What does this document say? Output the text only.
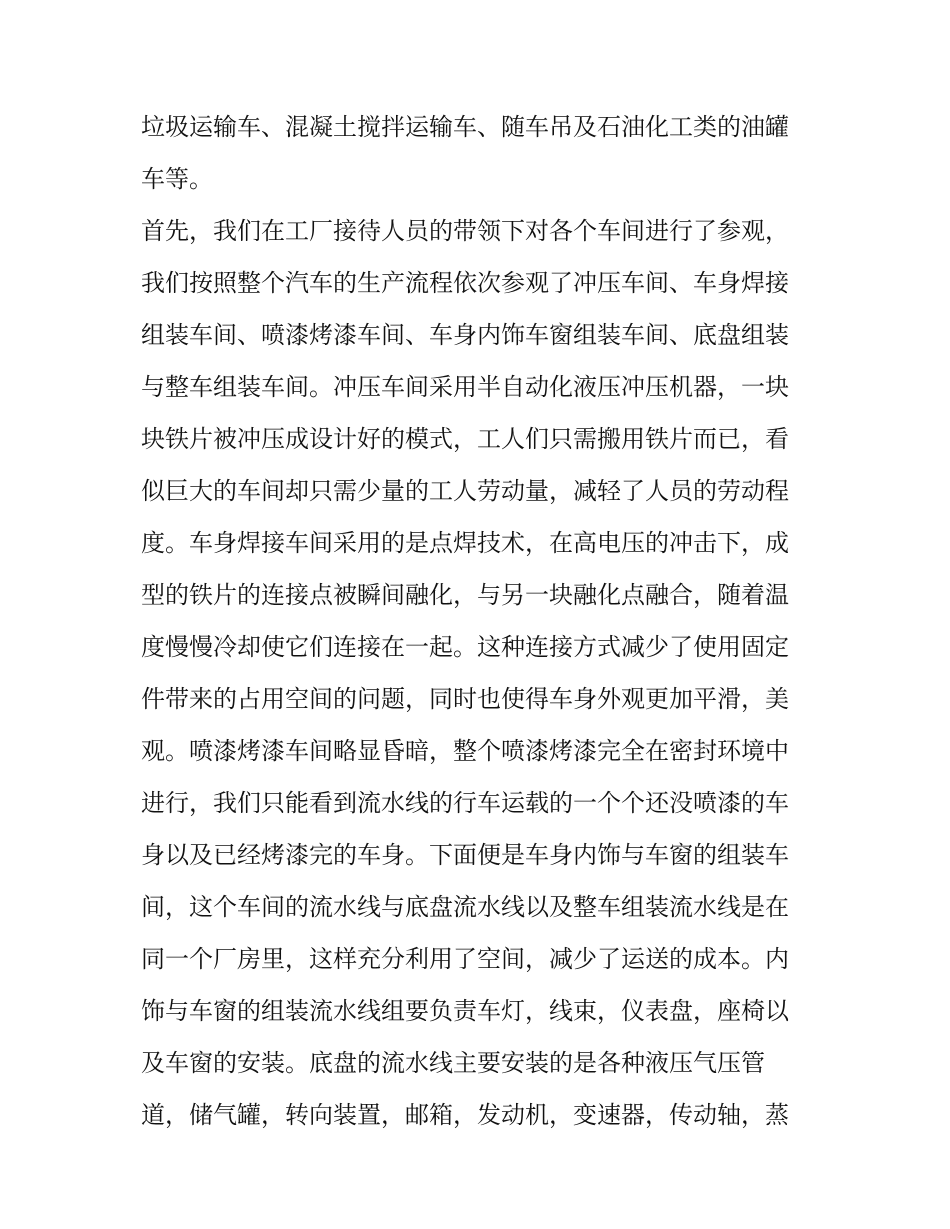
垃圾运输车、混凝土搅拌运输车、随车吊及石油化工类的油罐
车等。
首先，我们在工厂接待人员的带领下对各个车间进行了参观，
我们按照整个汽车的生产流程依次参观了冲压车间、车身焊接
组装车间、喷漆烤漆车间、车身内饰车窗组装车间、底盘组装
与整车组装车间。冲压车间采用半自动化液压冲压机器，一块
块铁片被冲压成设计好的模式，工人们只需搬用铁片而已，看
似巨大的车间却只需少量的工人劳动量，减轻了人员的劳动程
度。车身焊接车间采用的是点焊技术，在高电压的冲击下，成
型的铁片的连接点被瞬间融化，与另一块融化点融合，随着温
度慢慢冷却使它们连接在一起。这种连接方式减少了使用固定
件带来的占用空间的问题，同时也使得车身外观更加平滑，美
观。喷漆烤漆车间略显昏暗，整个喷漆烤漆完全在密封环境中
进行，我们只能看到流水线的行车运载的一个个还没喷漆的车
身以及已经烤漆完的车身。下面便是车身内饰与车窗的组装车
间，这个车间的流水线与底盘流水线以及整车组装流水线是在
同一个厂房里，这样充分利用了空间，减少了运送的成本。内
饰与车窗的组装流水线组要负责车灯，线束，仪表盘，座椅以
及车窗的安装。底盘的流水线主要安装的是各种液压气压管
道，储气罐，转向装置，邮箱，发动机，变速器，传动轴，蒸
